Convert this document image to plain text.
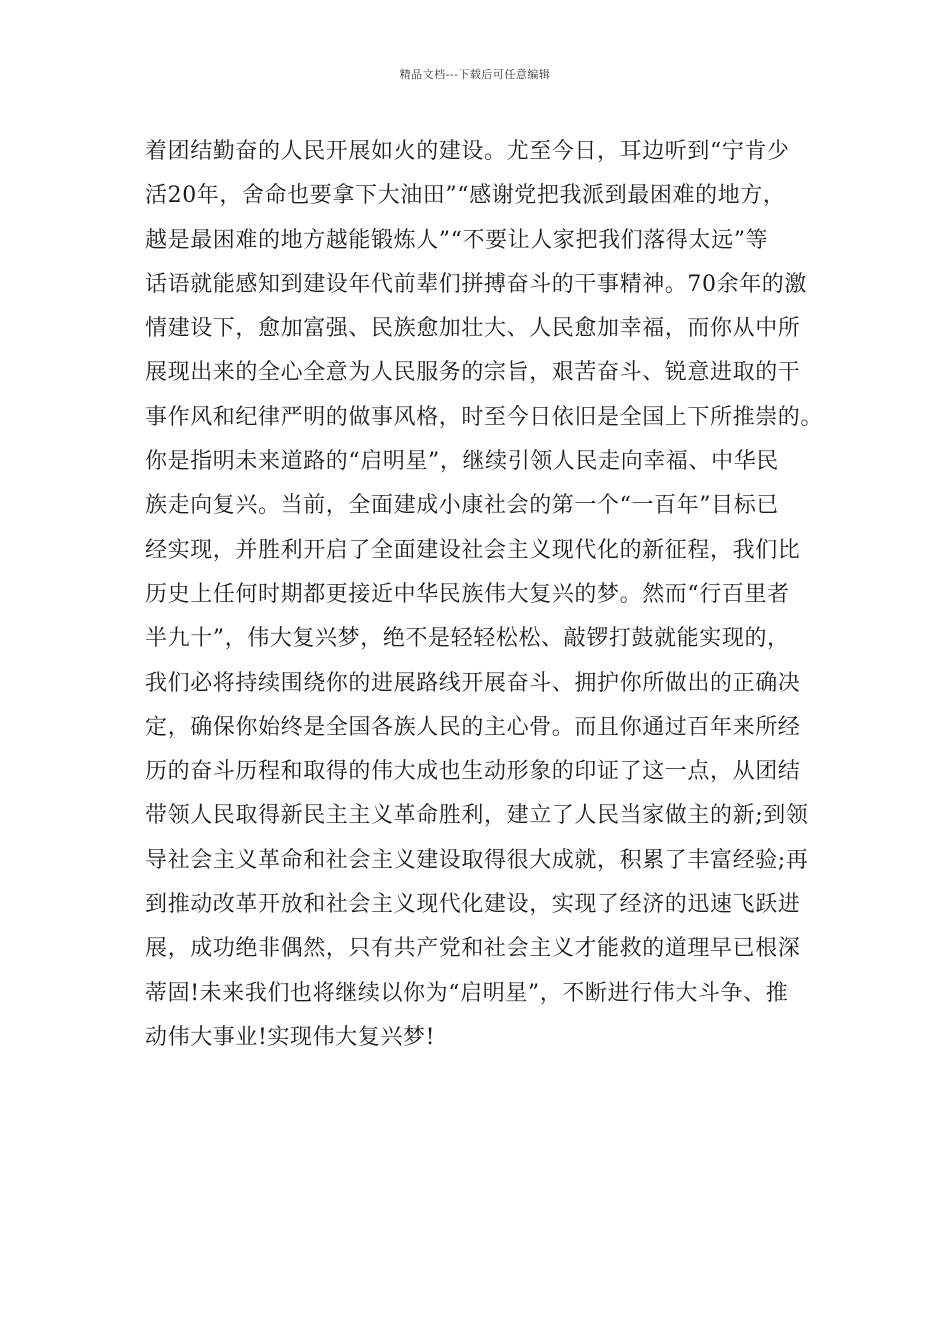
精品文档---下载后可任意编辑
着团结勤奋的人民开展如火的建设。尤至今日，耳边听到“宁肯少
活20年，舍命也要拿下大油田”“感谢党把我派到最困难的地方，
越是最困难的地方越能锻炼人”“不要让人家把我们落得太远”等
话语就能感知到建设年代前辈们拼搏奋斗的干事精神。70余年的激
情建设下，愈加富强、民族愈加壮大、人民愈加幸福，而你从中所
展现出来的全心全意为人民服务的宗旨，艰苦奋斗、锐意进取的干
事作风和纪律严明的做事风格，时至今日依旧是全国上下所推崇的。
你是指明未来道路的“启明星”，继续引领人民走向幸福、中华民
族走向复兴。当前，全面建成小康社会的第一个“一百年”目标已
经实现，并胜利开启了全面建设社会主义现代化的新征程，我们比
历史上任何时期都更接近中华民族伟大复兴的梦。然而“行百里者
半九十”，伟大复兴梦，绝不是轻轻松松、敲锣打鼓就能实现的，
我们必将持续围绕你的进展路线开展奋斗、拥护你所做出的正确决
定，确保你始终是全国各族人民的主心骨。而且你通过百年来所经
历的奋斗历程和取得的伟大成也生动形象的印证了这一点，从团结
带领人民取得新民主主义革命胜利，建立了人民当家做主的新;到领
导社会主义革命和社会主义建设取得很大成就，积累了丰富经验;再
到推动改革开放和社会主义现代化建设，实现了经济的迅速飞跃进
展，成功绝非偶然，只有共产党和社会主义才能救的道理早已根深
蒂固!未来我们也将继续以你为“启明星”，不断进行伟大斗争、推
动伟大事业!实现伟大复兴梦!
